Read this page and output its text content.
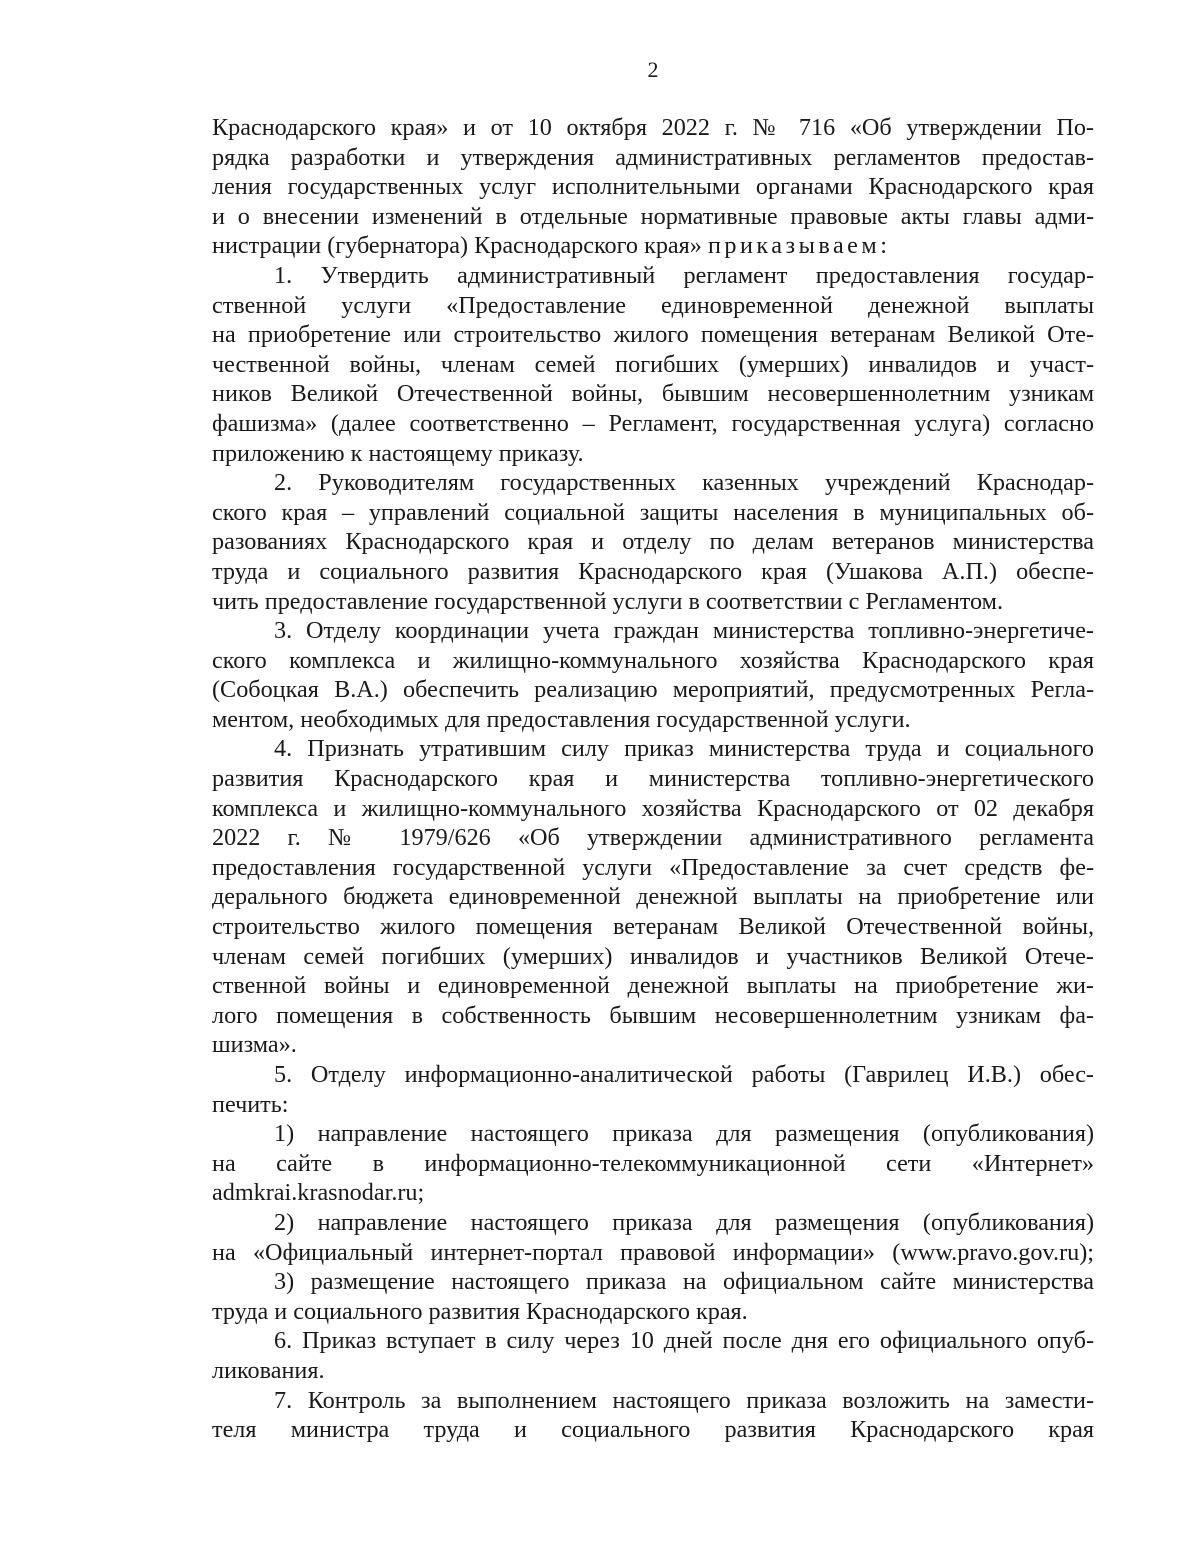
2
Краснодарского края» и от 10 октября 2022 г. № 716 «Об утверждении По-
рядка разработки и утверждения административных регламентов предостав-
ления государственных услуг исполнительными органами Краснодарского края
и о внесении изменений в отдельные нормативные правовые акты главы адми-
нистрации (губернатора) Краснодарского края» приказываем:
1. Утвердить административный регламент предоставления государ-
ственной услуги «Предоставление единовременной денежной выплаты
на приобретение или строительство жилого помещения ветеранам Великой Оте-
чественной войны, членам семей погибших (умерших) инвалидов и участ-
ников Великой Отечественной войны, бывшим несовершеннолетним узникам
фашизма» (далее соответственно – Регламент, государственная услуга) согласно
приложению к настоящему приказу.
2. Руководителям государственных казенных учреждений Краснодар-
ского края – управлений социальной защиты населения в муниципальных об-
разованиях Краснодарского края и отделу по делам ветеранов министерства
труда и социального развития Краснодарского края (Ушакова А.П.) обеспе-
чить предоставление государственной услуги в соответствии с Регламентом.
3. Отделу координации учета граждан министерства топливно-энергетиче-
ского комплекса и жилищно-коммунального хозяйства Краснодарского края
(Собоцкая В.А.) обеспечить реализацию мероприятий, предусмотренных Регла-
ментом, необходимых для предоставления государственной услуги.
4. Признать утратившим силу приказ министерства труда и социального
развития Краснодарского края и министерства топливно-энергетического
комплекса и жилищно-коммунального хозяйства Краснодарского от 02 декабря
2022 г. № 1979/626 «Об утверждении административного регламента
предоставления государственной услуги «Предоставление за счет средств фе-
дерального бюджета единовременной денежной выплаты на приобретение или
строительство жилого помещения ветеранам Великой Отечественной войны,
членам семей погибших (умерших) инвалидов и участников Великой Отече-
ственной войны и единовременной денежной выплаты на приобретение жи-
лого помещения в собственность бывшим несовершеннолетним узникам фа-
шизма».
5. Отделу информационно-аналитической работы (Гаврилец И.В.) обес-
печить:
1) направление настоящего приказа для размещения (опубликования)
на сайте в информационно-телекоммуникационной сети «Интернет»
admkrai.krasnodar.ru;
2) направление настоящего приказа для размещения (опубликования)
на «Официальный интернет-портал правовой информации» (www.pravo.gov.ru);
3) размещение настоящего приказа на официальном сайте министерства
труда и социального развития Краснодарского края.
6. Приказ вступает в силу через 10 дней после дня его официального опуб-
ликования.
7. Контроль за выполнением настоящего приказа возложить на замести-
теля министра труда и социального развития Краснодарского края
